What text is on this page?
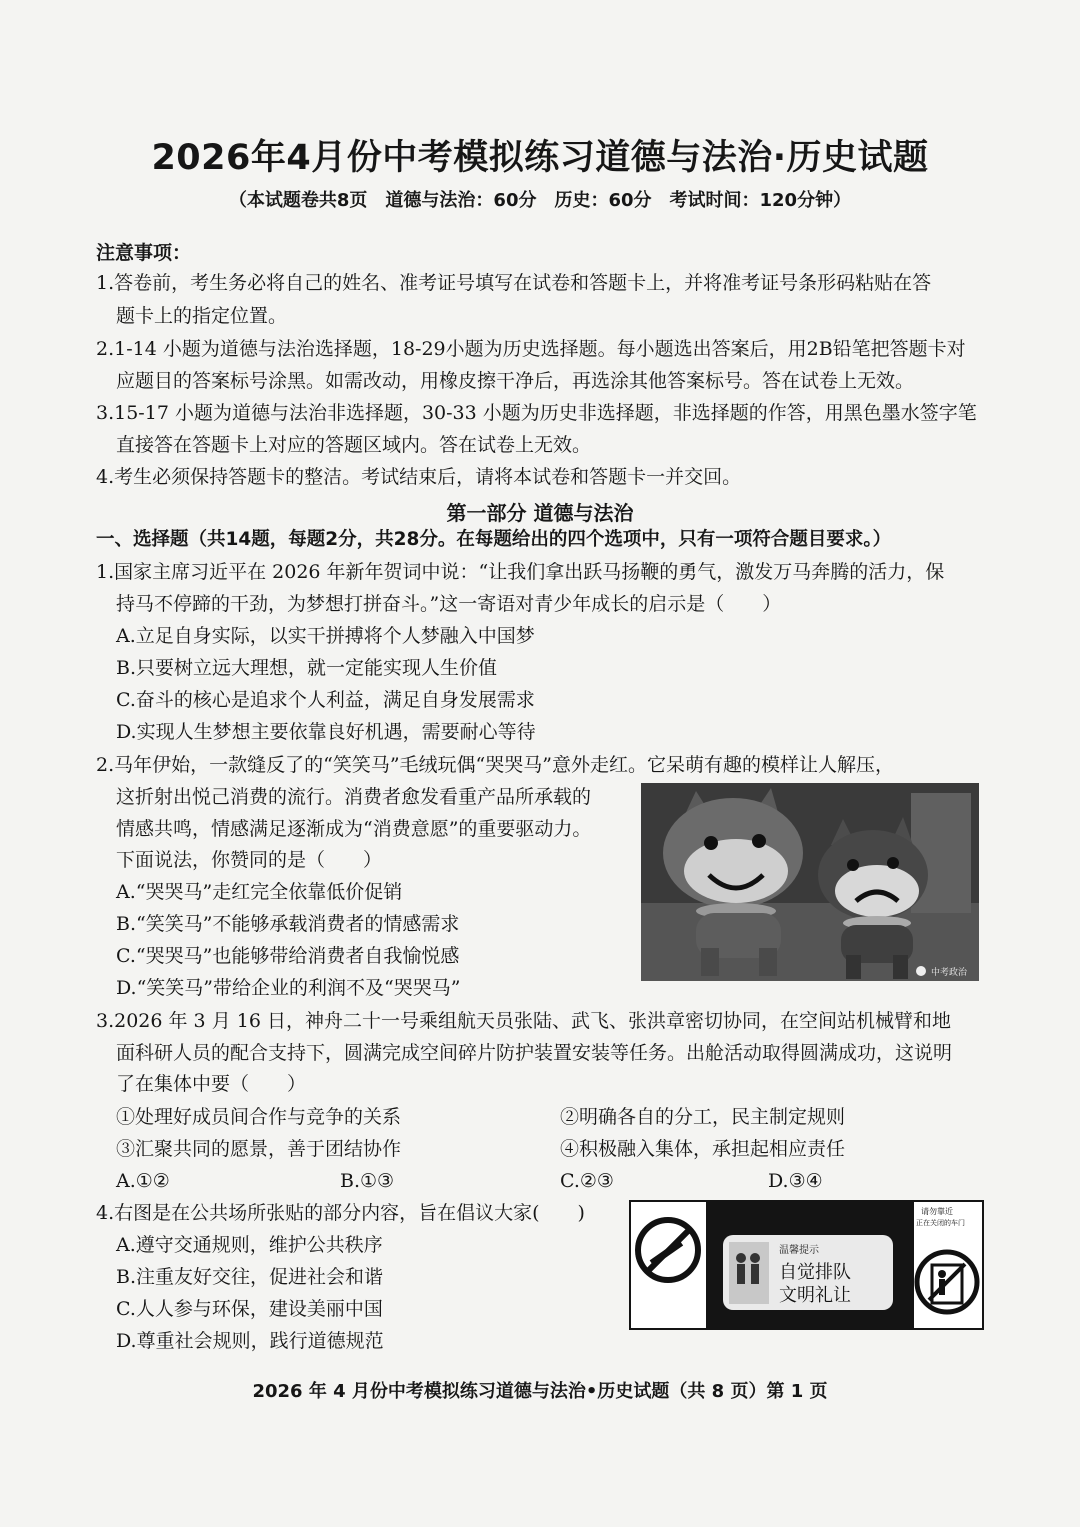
2026年4月份中考模拟练习道德与法治·历史试题
（本试题卷共8页　道德与法治：60分　历史：60分　考试时间：120分钟）
注意事项：
1.答卷前，考生务必将自己的姓名、准考证号填写在试卷和答题卡上，并将准考证号条形码粘贴在答
题卡上的指定位置。
2.1-14 小题为道德与法治选择题，18-29小题为历史选择题。每小题选出答案后，用2B铅笔把答题卡对
应题目的答案标号涂黑。如需改动，用橡皮擦干净后，再选涂其他答案标号。答在试卷上无效。
3.15-17 小题为道德与法治非选择题，30-33 小题为历史非选择题，非选择题的作答，用黑色墨水签字笔
直接答在答题卡上对应的答题区域内。答在试卷上无效。
4.考生必须保持答题卡的整洁。考试结束后，请将本试卷和答题卡一并交回。
第一部分 道德与法治
一、选择题（共14题，每题2分，共28分。在每题给出的四个选项中，只有一项符合题目要求。）
1.国家主席习近平在 2026 年新年贺词中说：“让我们拿出跃马扬鞭的勇气，激发万马奔腾的活力，保
持马不停蹄的干劲，为梦想打拼奋斗。”这一寄语对青少年成长的启示是（　　）
A.立足自身实际，以实干拼搏将个人梦融入中国梦
B.只要树立远大理想，就一定能实现人生价值
C.奋斗的核心是追求个人利益，满足自身发展需求
D.实现人生梦想主要依靠良好机遇，需要耐心等待
2.马年伊始，一款缝反了的“笑笑马”毛绒玩偶“哭哭马”意外走红。它呆萌有趣的模样让人解压，
这折射出悦己消费的流行。消费者愈发看重产品所承载的
情感共鸣，情感满足逐渐成为“消费意愿”的重要驱动力。
下面说法，你赞同的是（　　）
A.“哭哭马”走红完全依靠低价促销
B.“笑笑马”不能够承载消费者的情感需求
C.“哭哭马”也能够带给消费者自我愉悦感
D.“笑笑马”带给企业的利润不及“哭哭马”
中考政治
3.2026 年 3 月 16 日，神舟二十一号乘组航天员张陆、武飞、张洪章密切协同，在空间站机械臂和地
面科研人员的配合支持下，圆满完成空间碎片防护装置安装等任务。出舱活动取得圆满成功，这说明
了在集体中要（　　）
①处理好成员间合作与竞争的关系	②明确各自的分工，民主制定规则
③汇聚共同的愿景，善于团结协作	④积极融入集体，承担起相应责任
A.①②	B.①③	C.②③	D.③④
4.右图是在公共场所张贴的部分内容，旨在倡议大家(　　)
A.遵守交通规则，维护公共秩序
B.注重友好交往，促进社会和谐
C.人人参与环保，建设美丽中国
D.尊重社会规则，践行道德规范
温馨提示
自觉排队
文明礼让
请勿靠近
正在关闭的车门
2026 年 4 月份中考模拟练习道德与法治•历史试题（共 8 页）第 1 页
